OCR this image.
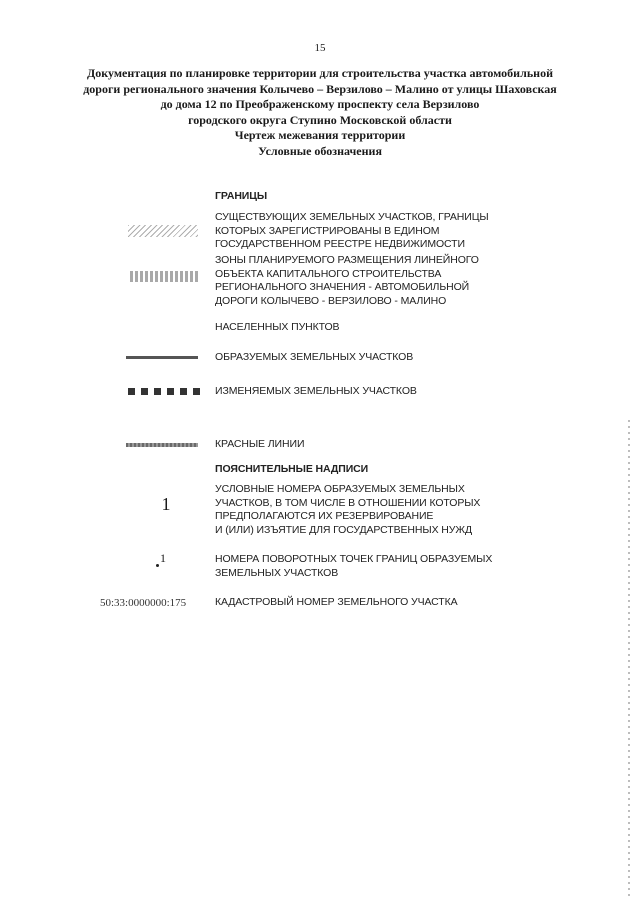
15
Документация по планировке территории для строительства участка автомобильной
дороги регионального значения Колычево – Верзилово – Малино от улицы Шаховская
до дома 12 по Преображенскому проспекту села Верзилово
городского округа Ступино Московской области
Чертеж межевания территории
Условные обозначения
ГРАНИЦЫ
СУЩЕСТВУЮЩИХ ЗЕМЕЛЬНЫХ УЧАСТКОВ, ГРАНИЦЫ
КОТОРЫХ ЗАРЕГИСТРИРОВАНЫ В ЕДИНОМ
ГОСУДАРСТВЕННОМ РЕЕСТРЕ НЕДВИЖИМОСТИ
ЗОНЫ ПЛАНИРУЕМОГО РАЗМЕЩЕНИЯ ЛИНЕЙНОГО
ОБЪЕКТА КАПИТАЛЬНОГО СТРОИТЕЛЬСТВА
РЕГИОНАЛЬНОГО ЗНАЧЕНИЯ - АВТОМОБИЛЬНОЙ
ДОРОГИ КОЛЫЧЕВО - ВЕРЗИЛОВО - МАЛИНО
НАСЕЛЕННЫХ ПУНКТОВ
ОБРАЗУЕМЫХ ЗЕМЕЛЬНЫХ УЧАСТКОВ
ИЗМЕНЯЕМЫХ ЗЕМЕЛЬНЫХ УЧАСТКОВ
КРАСНЫЕ ЛИНИИ
ПОЯСНИТЕЛЬНЫЕ НАДПИСИ
1
УСЛОВНЫЕ НОМЕРА ОБРАЗУЕМЫХ ЗЕМЕЛЬНЫХ
УЧАСТКОВ, В ТОМ ЧИСЛЕ В ОТНОШЕНИИ КОТОРЫХ
ПРЕДПОЛАГАЮТСЯ ИХ РЕЗЕРВИРОВАНИЕ
И (ИЛИ) ИЗЪЯТИЕ ДЛЯ ГОСУДАРСТВЕННЫХ НУЖД
1	НОМЕРА ПОВОРОТНЫХ ТОЧЕК ГРАНИЦ ОБРАЗУЕМЫХ
ЗЕМЕЛЬНЫХ УЧАСТКОВ
50:33:0000000:175	КАДАСТРОВЫЙ НОМЕР ЗЕМЕЛЬНОГО УЧАСТКА
